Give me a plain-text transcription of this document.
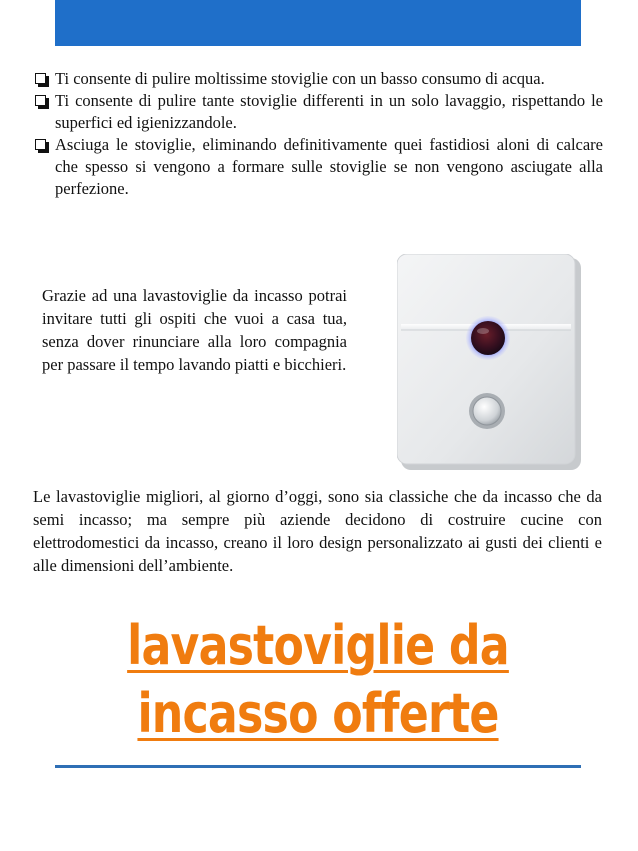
Ti consente di pulire moltissime stoviglie con un basso consumo di acqua.
Ti consente di pulire tante stoviglie differenti in un solo lavaggio, rispettando le superfici ed igienizzandole.
Asciuga le stoviglie, eliminando definitivamente quei fastidiosi aloni di calcare che spesso si vengono a formare sulle stoviglie se non vengono asciugate alla perfezione.
Grazie ad una lavastoviglie da incasso potrai invitare tutti gli ospiti che vuoi a casa tua, senza dover rinunciare alla loro compagnia per passare il tempo lavando piatti e bicchieri.
Le lavastoviglie migliori, al giorno d’oggi, sono sia classiche che da incasso che da semi incasso; ma sempre più aziende decidono di costruire cucine con elettrodomestici da incasso, creano il loro design personalizzato ai gusti dei clienti e alle dimensioni dell’ambiente.
lavastoviglie da
incasso offerte
